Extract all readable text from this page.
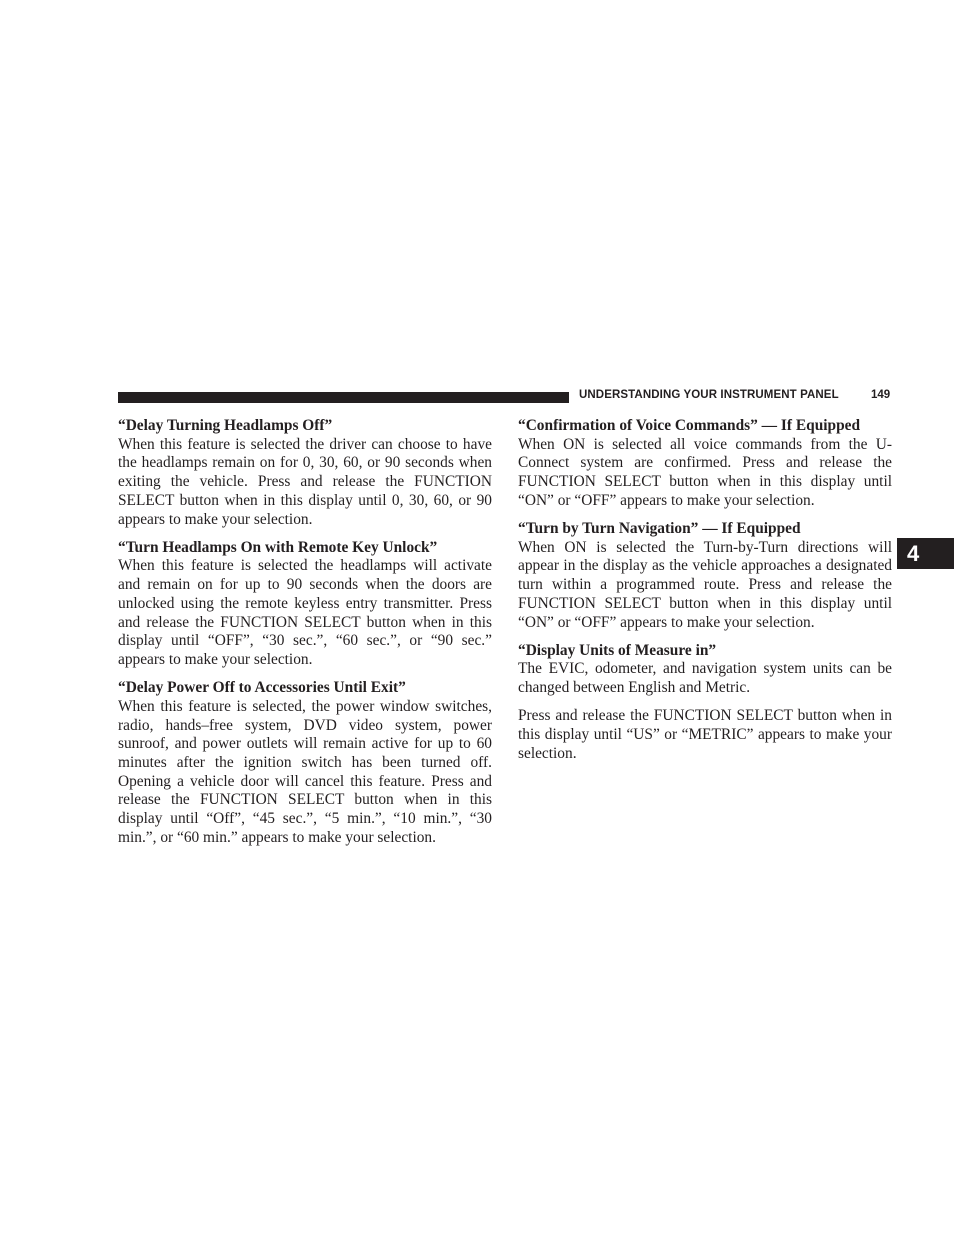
UNDERSTANDING YOUR INSTRUMENT PANEL	149
4

“Delay Turning Headlamps Off”

When this feature is selected the driver can choose to have the headlamps remain on for 0, 30, 60, or 90 seconds when exiting the vehicle. Press and release the FUNCTION SELECT button when in this display until 0, 30, 60, or 90 appears to make your selection.

“Turn Headlamps On with Remote Key Unlock”

When this feature is selected the headlamps will activate and remain on for up to 90 seconds when the doors are unlocked using the remote keyless entry transmitter. Press and release the FUNCTION SELECT button when in this display until “OFF”, “30 sec.”, “60 sec.”, or “90 sec.” appears to make your selection.

“Delay Power Off to Accessories Until Exit”

When this feature is selected, the power window switches, radio, hands–free system, DVD video system, power sunroof, and power outlets will remain active for up to 60 minutes after the ignition switch has been turned off. Opening a vehicle door will cancel this feature. Press and release the FUNCTION SELECT button when in this display until “Off”, “45 sec.”, “5 min.”, “10 min.”, “30 min.”, or “60 min.” appears to make your selection.

“Confirmation of Voice Commands” — If Equipped

When ON is selected all voice commands from the U-Connect system are confirmed. Press and release the FUNCTION SELECT button when in this display until “ON” or “OFF” appears to make your selection.

“Turn by Turn Navigation” — If Equipped

When ON is selected the Turn-by-Turn directions will appear in the display as the vehicle approaches a designated turn within a programmed route. Press and release the FUNCTION SELECT button when in this display until “ON” or “OFF” appears to make your selection.

“Display Units of Measure in”

The EVIC, odometer, and navigation system units can be changed between English and Metric.

Press and release the FUNCTION SELECT button when in this display until “US” or “METRIC” appears to make your selection.
